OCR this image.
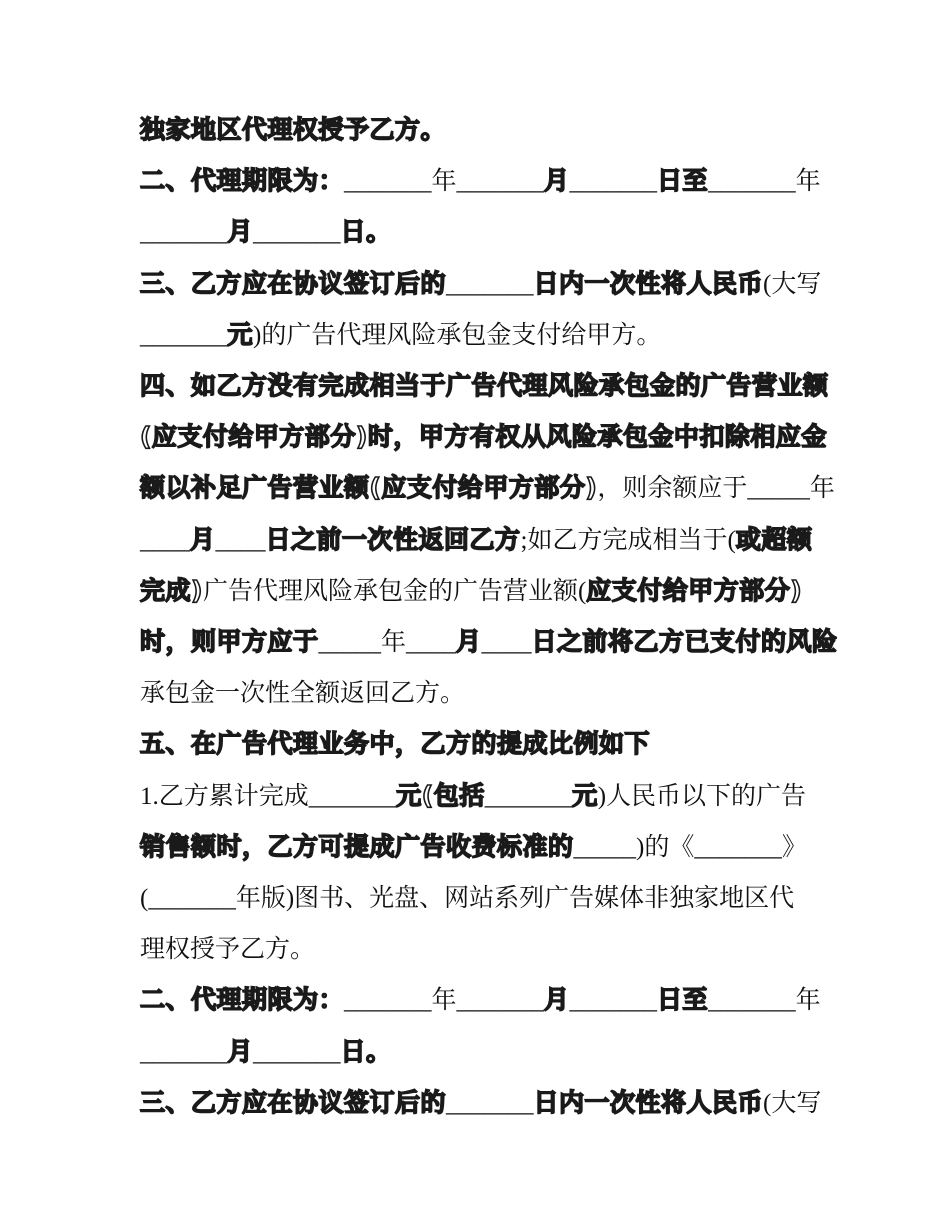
独家地区代理权授予乙方。
二、代理期限为：_______年_______月_______日至_______年
_______月_______日。
三、乙方应在协议签订后的_______日内一次性将人民币(大写
_______元)的广告代理风险承包金支付给甲方。
四、如乙方没有完成相当于广告代理风险承包金的广告营业额
(应支付给甲方部分)时，甲方有权从风险承包金中扣除相应金
额以补足广告营业额(应支付给甲方部分)，则余额应于_____年
____月____日之前一次性返回乙方;如乙方完成相当于(或超额
完成)广告代理风险承包金的广告营业额(应支付给甲方部分)
时，则甲方应于_____年____月____日之前将乙方已支付的风险
承包金一次性全额返回乙方。
五、在广告代理业务中，乙方的提成比例如下
1.乙方累计完成_______元(包括_______元)人民币以下的广告
销售额时，乙方可提成广告收费标准的_____)的《_______》
(_______年版)图书、光盘、网站系列广告媒体非独家地区代
理权授予乙方。
二、代理期限为：_______年_______月_______日至_______年
_______月_______日。
三、乙方应在协议签订后的_______日内一次性将人民币(大写
